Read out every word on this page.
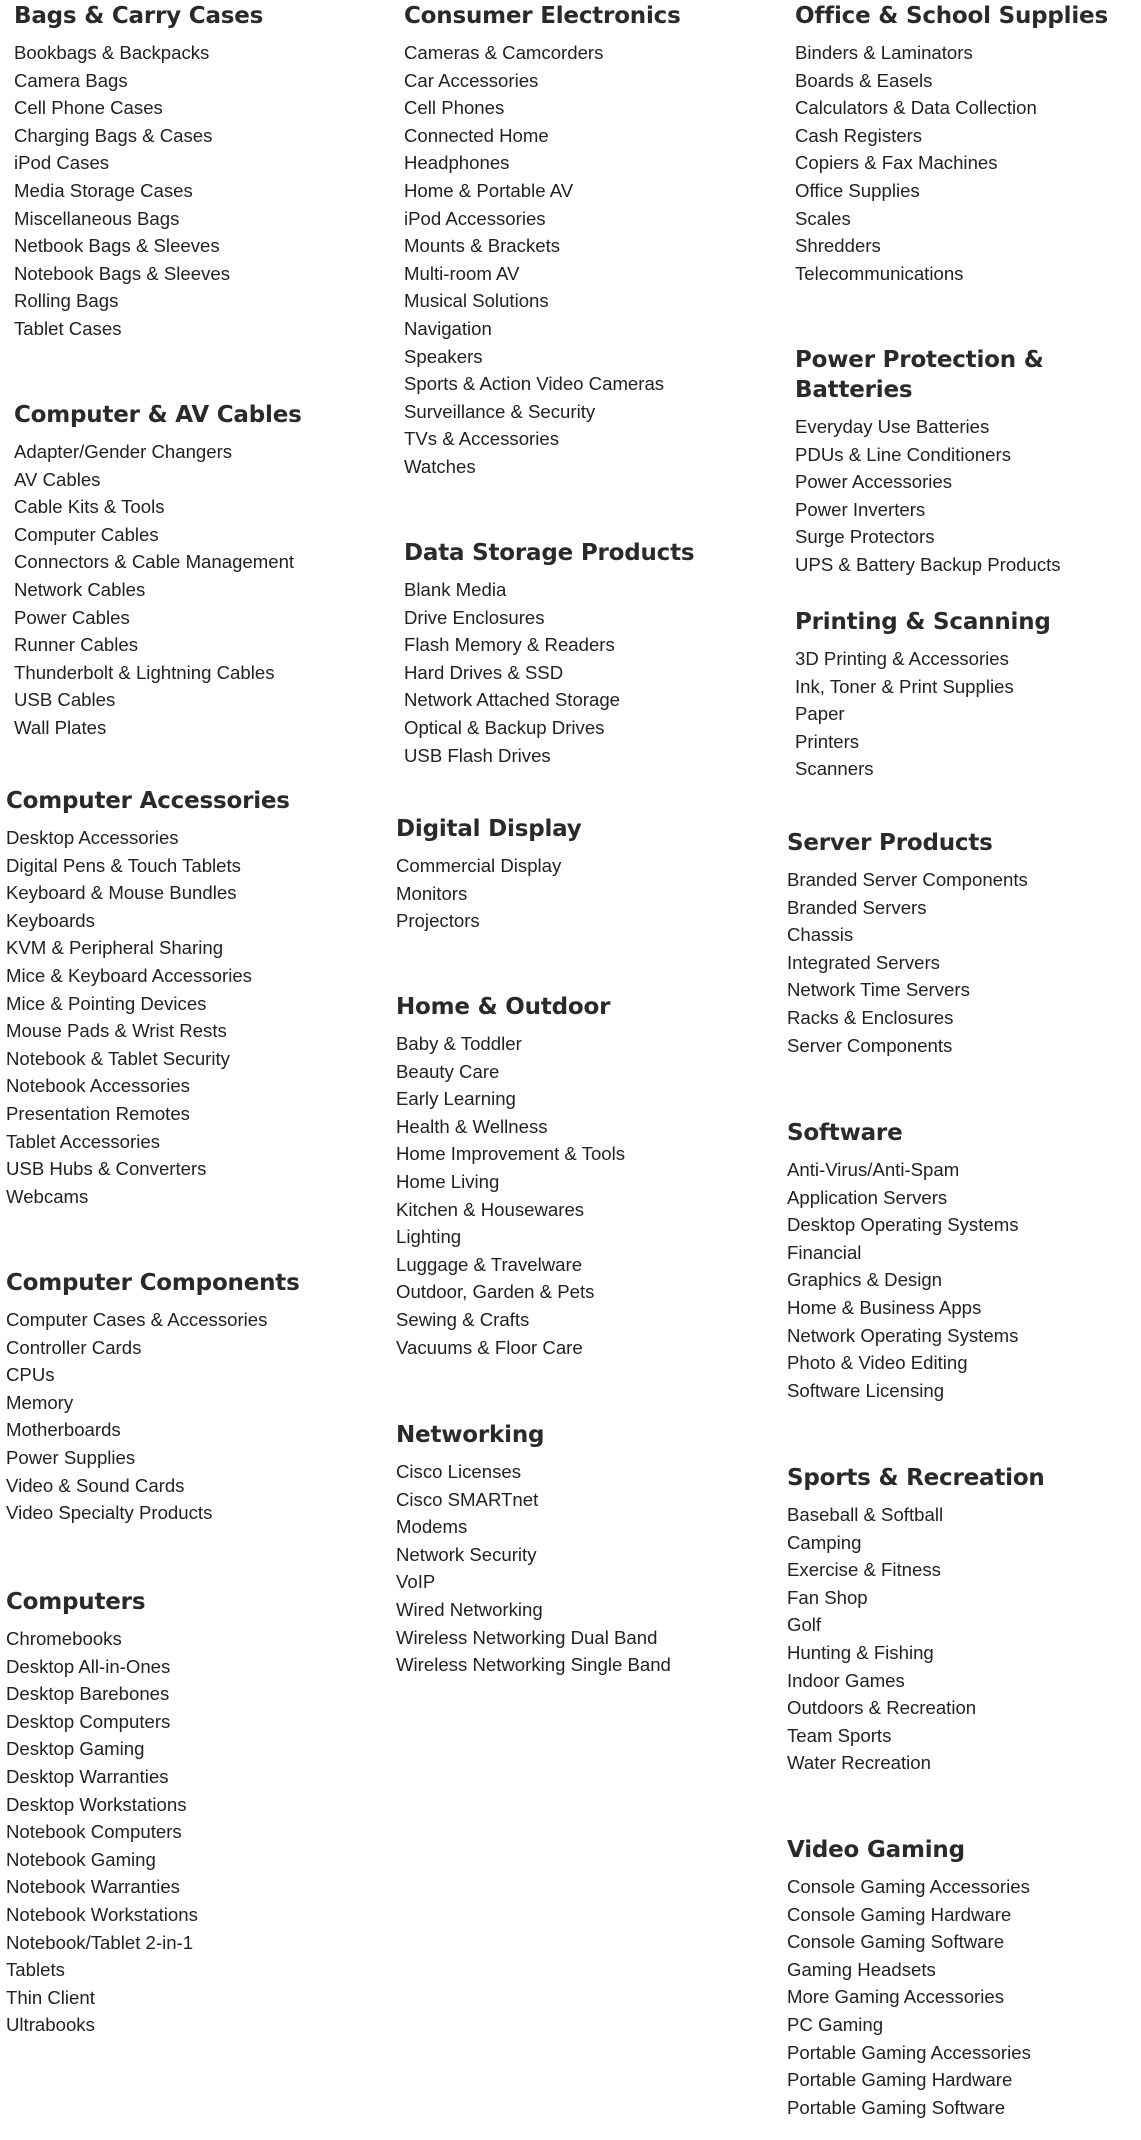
Bags & Carry Cases
Bookbags & Backpacks
Camera Bags
Cell Phone Cases
Charging Bags & Cases
iPod Cases
Media Storage Cases
Miscellaneous Bags
Netbook Bags & Sleeves
Notebook Bags & Sleeves
Rolling Bags
Tablet Cases
Computer & AV Cables
Adapter/Gender Changers
AV Cables
Cable Kits & Tools
Computer Cables
Connectors & Cable Management
Network Cables
Power Cables
Runner Cables
Thunderbolt & Lightning Cables
USB Cables
Wall Plates
Computer Accessories
Desktop Accessories
Digital Pens & Touch Tablets
Keyboard & Mouse Bundles
Keyboards
KVM & Peripheral Sharing
Mice & Keyboard Accessories
Mice & Pointing Devices
Mouse Pads & Wrist Rests
Notebook & Tablet Security
Notebook Accessories
Presentation Remotes
Tablet Accessories
USB Hubs & Converters
Webcams
Computer Components
Computer Cases & Accessories
Controller Cards
CPUs
Memory
Motherboards
Power Supplies
Video & Sound Cards
Video Specialty Products
Computers
Chromebooks
Desktop All-in-Ones
Desktop Barebones
Desktop Computers
Desktop Gaming
Desktop Warranties
Desktop Workstations
Notebook Computers
Notebook Gaming
Notebook Warranties
Notebook Workstations
Notebook/Tablet 2-in-1
Tablets
Thin Client
Ultrabooks
Consumer Electronics
Cameras & Camcorders
Car Accessories
Cell Phones
Connected Home
Headphones
Home & Portable AV
iPod Accessories
Mounts & Brackets
Multi-room AV
Musical Solutions
Navigation
Speakers
Sports & Action Video Cameras
Surveillance & Security
TVs & Accessories
Watches
Data Storage Products
Blank Media
Drive Enclosures
Flash Memory & Readers
Hard Drives & SSD
Network Attached Storage
Optical & Backup Drives
USB Flash Drives
Digital Display
Commercial Display
Monitors
Projectors
Home & Outdoor
Baby & Toddler
Beauty Care
Early Learning
Health & Wellness
Home Improvement & Tools
Home Living
Kitchen & Housewares
Lighting
Luggage & Travelware
Outdoor, Garden & Pets
Sewing & Crafts
Vacuums & Floor Care
Networking
Cisco Licenses
Cisco SMARTnet
Modems
Network Security
VoIP
Wired Networking
Wireless Networking Dual Band
Wireless Networking Single Band
Office & School Supplies
Binders & Laminators
Boards & Easels
Calculators & Data Collection
Cash Registers
Copiers & Fax Machines
Office Supplies
Scales
Shredders
Telecommunications
Power Protection & Batteries
Everyday Use Batteries
PDUs & Line Conditioners
Power Accessories
Power Inverters
Surge Protectors
UPS & Battery Backup Products
Printing & Scanning
3D Printing & Accessories
Ink, Toner & Print Supplies
Paper
Printers
Scanners
Server Products
Branded Server Components
Branded Servers
Chassis
Integrated Servers
Network Time Servers
Racks & Enclosures
Server Components
Software
Anti-Virus/Anti-Spam
Application Servers
Desktop Operating Systems
Financial
Graphics & Design
Home & Business Apps
Network Operating Systems
Photo & Video Editing
Software Licensing
Sports & Recreation
Baseball & Softball
Camping
Exercise & Fitness
Fan Shop
Golf
Hunting & Fishing
Indoor Games
Outdoors & Recreation
Team Sports
Water Recreation
Video Gaming
Console Gaming Accessories
Console Gaming Hardware
Console Gaming Software
Gaming Headsets
More Gaming Accessories
PC Gaming
Portable Gaming Accessories
Portable Gaming Hardware
Portable Gaming Software
